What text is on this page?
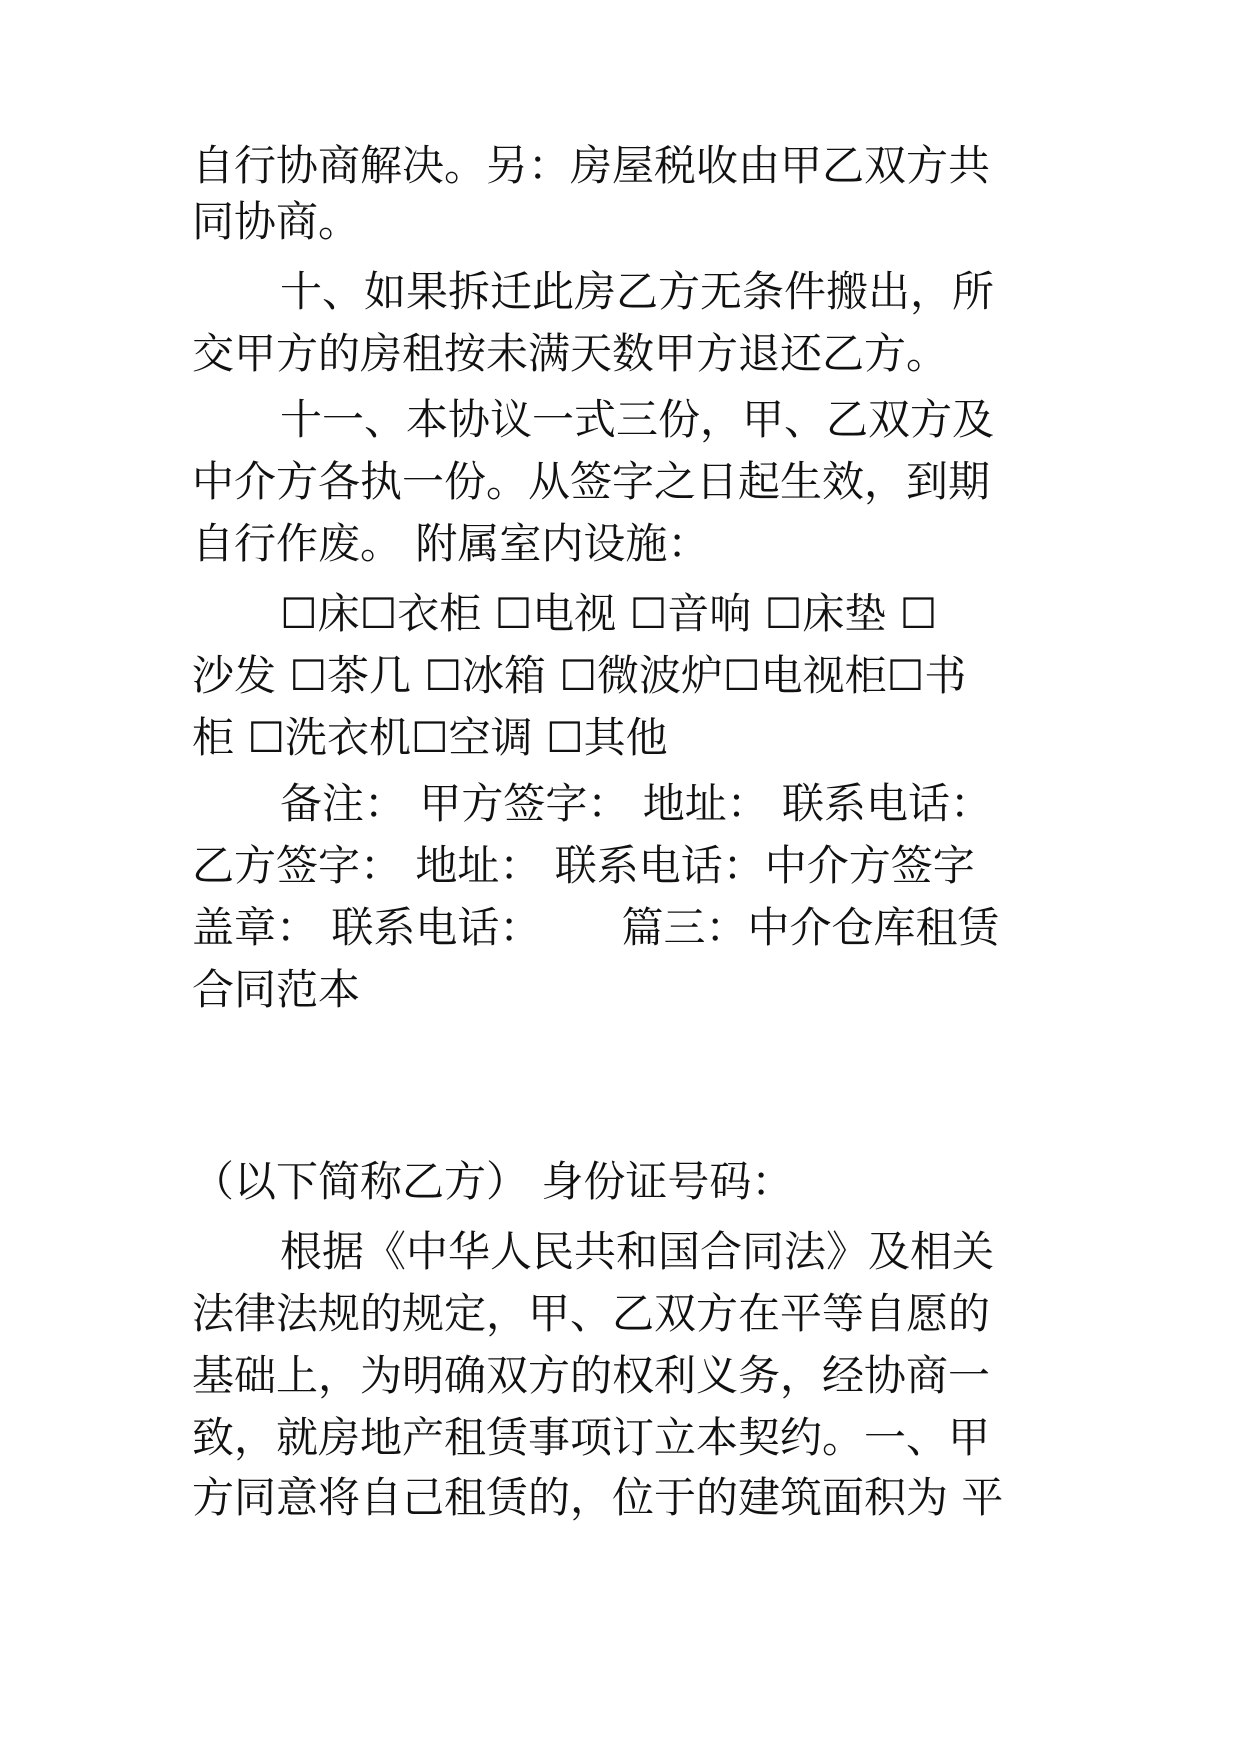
自行协商解决。另：房屋税收由甲乙双方共
同协商。
十、如果拆迁此房乙方无条件搬出，所
交甲方的房租按未满天数甲方退还乙方。
十一、本协议一式三份，甲、乙双方及
中介方各执一份。从签字之日起生效，到期
自行作废。 附属室内设施：
☐床☐衣柜 ☐电视 ☐音响 ☐床垫 ☐
沙发 ☐茶几 ☐冰箱 ☐微波炉☐电视柜☐书
柜 ☐洗衣机☐空调 ☐其他
备注： 甲方签字： 地址： 联系电话：
乙方签字： 地址： 联系电话：中介方签字
盖章： 联系电话：      篇三：中介仓库租赁
合同范本

（以下简称乙方） 身份证号码：
根据《中华人民共和国合同法》及相关
法律法规的规定，甲、乙双方在平等自愿的
基础上，为明确双方的权利义务，经协商一
致，就房地产租赁事项订立本契约。一、甲
方同意将自己租赁的，位于的建筑面积为 平
